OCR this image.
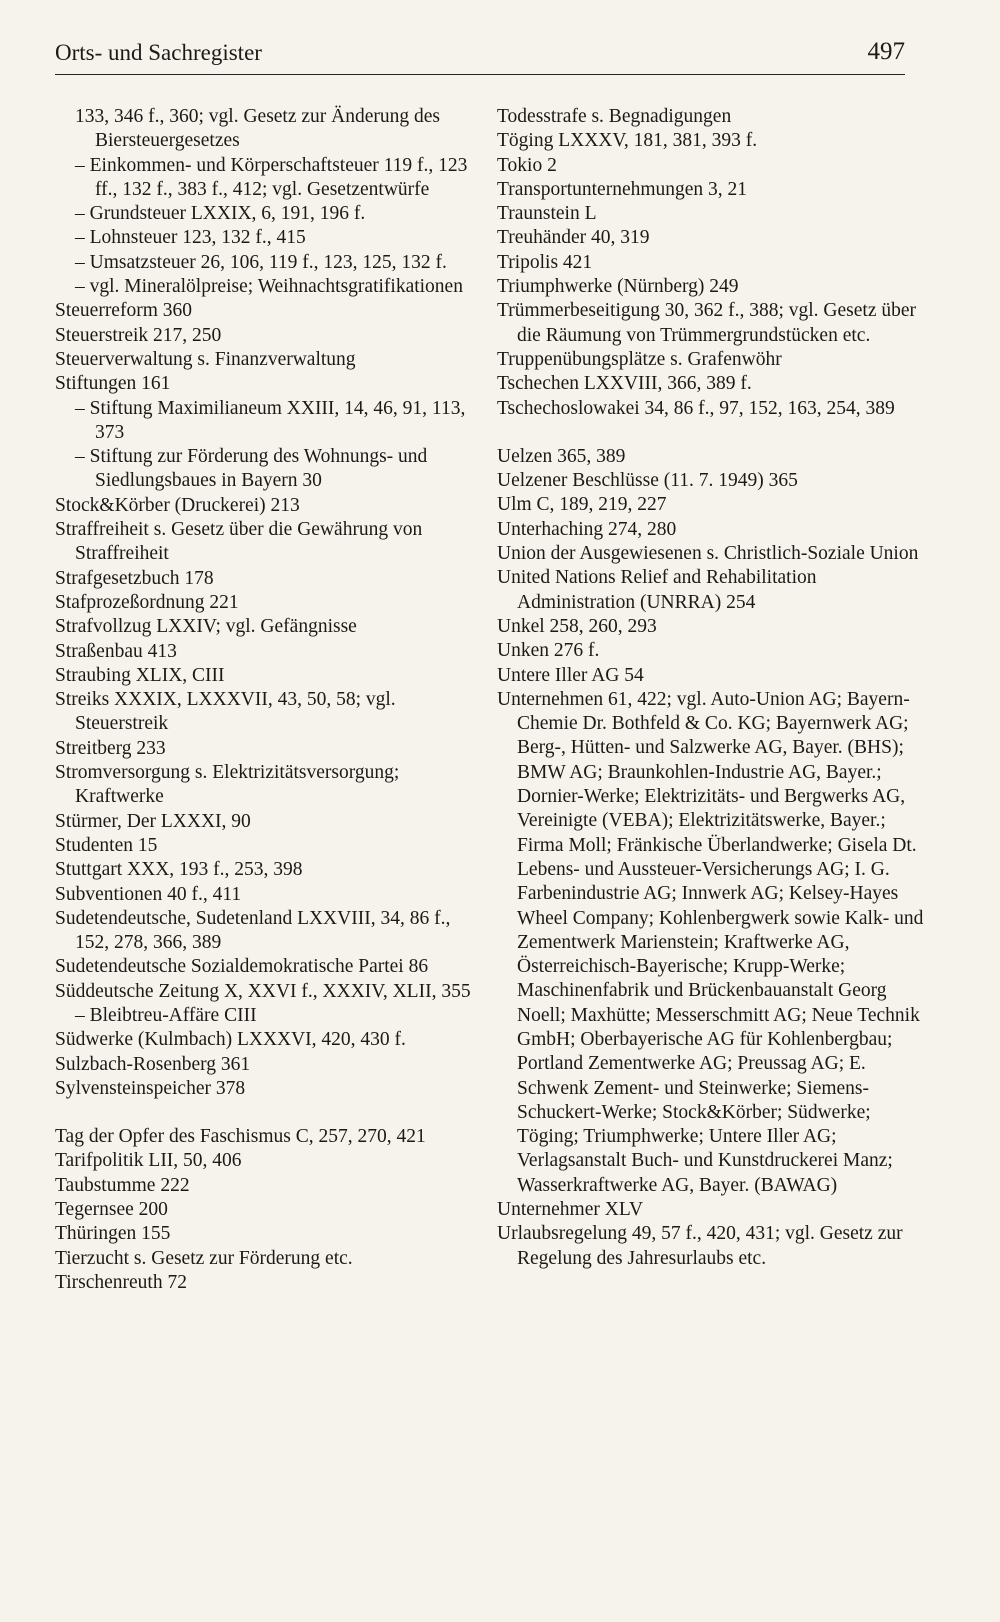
Orts- und Sachregister	497

133, 346 f., 360; vgl. Gesetz zur Änderung des Biersteuergesetzes

– Einkommen- und Körperschaftsteuer 119 f., 123 ff., 132 f., 383 f., 412; vgl. Gesetzentwürfe

– Grundsteuer LXXIX, 6, 191, 196 f.

– Lohnsteuer 123, 132 f., 415

– Umsatzsteuer 26, 106, 119 f., 123, 125, 132 f.

– vgl. Mineralölpreise; Weihnachtsgratifikationen

Steuerreform 360

Steuerstreik 217, 250

Steuerverwaltung s. Finanzverwaltung

Stiftungen 161

– Stiftung Maximilianeum XXIII, 14, 46, 91, 113, 373

– Stiftung zur Förderung des Wohnungs- und Siedlungsbaues in Bayern 30

Stock&Körber (Druckerei) 213

Straffreiheit s. Gesetz über die Gewährung von Straffreiheit

Strafgesetzbuch 178

Stafprozeßordnung 221

Strafvollzug LXXIV; vgl. Gefängnisse

Straßenbau 413

Straubing XLIX, CIII

Streiks XXXIX, LXXXVII, 43, 50, 58; vgl. Steuerstreik

Streitberg 233

Stromversorgung s. Elektrizitätsversorgung; Kraftwerke

Stürmer, Der LXXXI, 90

Studenten 15

Stuttgart XXX, 193 f., 253, 398

Subventionen 40 f., 411

Sudetendeutsche, Sudetenland LXXVIII, 34, 86 f., 152, 278, 366, 389

Sudetendeutsche Sozialdemokratische Partei 86

Süddeutsche Zeitung X, XXVI f., XXXIV, XLII, 355

– Bleibtreu-Affäre CIII

Südwerke (Kulmbach) LXXXVI, 420, 430 f.

Sulzbach-Rosenberg 361

Sylvensteinspeicher 378

Tag der Opfer des Faschismus C, 257, 270, 421

Tarifpolitik LII, 50, 406

Taubstumme 222

Tegernsee 200

Thüringen 155

Tierzucht s. Gesetz zur Förderung etc.

Tirschenreuth 72

Todesstrafe s. Begnadigungen

Töging LXXXV, 181, 381, 393 f.

Tokio 2

Transportunternehmungen 3, 21

Traunstein L

Treuhänder 40, 319

Tripolis 421

Triumphwerke (Nürnberg) 249

Trümmerbeseitigung 30, 362 f., 388; vgl. Gesetz über die Räumung von Trümmergrundstücken etc.

Truppenübungsplätze s. Grafenwöhr

Tschechen LXXVIII, 366, 389 f.

Tschechoslowakei 34, 86 f., 97, 152, 163, 254, 389

Uelzen 365, 389

Uelzener Beschlüsse (11. 7. 1949) 365

Ulm C, 189, 219, 227

Unterhaching 274, 280

Union der Ausgewiesenen s. Christlich-Soziale Union

United Nations Relief and Rehabilitation Administration (UNRRA) 254

Unkel 258, 260, 293

Unken 276 f.

Untere Iller AG 54

Unternehmen 61, 422; vgl. Auto-Union AG; Bayern-Chemie Dr. Bothfeld & Co. KG; Bayernwerk AG; Berg-, Hütten- und Salzwerke AG, Bayer. (BHS); BMW AG; Braunkohlen-Industrie AG, Bayer.; Dornier-Werke; Elektrizitäts- und Bergwerks AG, Vereinigte (VEBA); Elektrizitätswerke, Bayer.; Firma Moll; Fränkische Überlandwerke; Gisela Dt. Lebens- und Aussteuer-Versicherungs AG; I. G. Farbenindustrie AG; Innwerk AG; Kelsey-Hayes Wheel Company; Kohlenbergwerk sowie Kalk- und Zementwerk Marienstein; Kraftwerke AG, Österreichisch-Bayerische; Krupp-Werke; Maschinenfabrik und Brückenbauanstalt Georg Noell; Maxhütte; Messerschmitt AG; Neue Technik GmbH; Oberbayerische AG für Kohlenbergbau; Portland Zementwerke AG; Preussag AG; E. Schwenk Zement- und Steinwerke; Siemens-Schuckert-Werke; Stock&Körber; Südwerke; Töging; Triumphwerke; Untere Iller AG; Verlagsanstalt Buch- und Kunstdruckerei Manz; Wasserkraftwerke AG, Bayer. (BAWAG)

Unternehmer XLV

Urlaubsregelung 49, 57 f., 420, 431; vgl. Gesetz zur Regelung des Jahresurlaubs etc.
